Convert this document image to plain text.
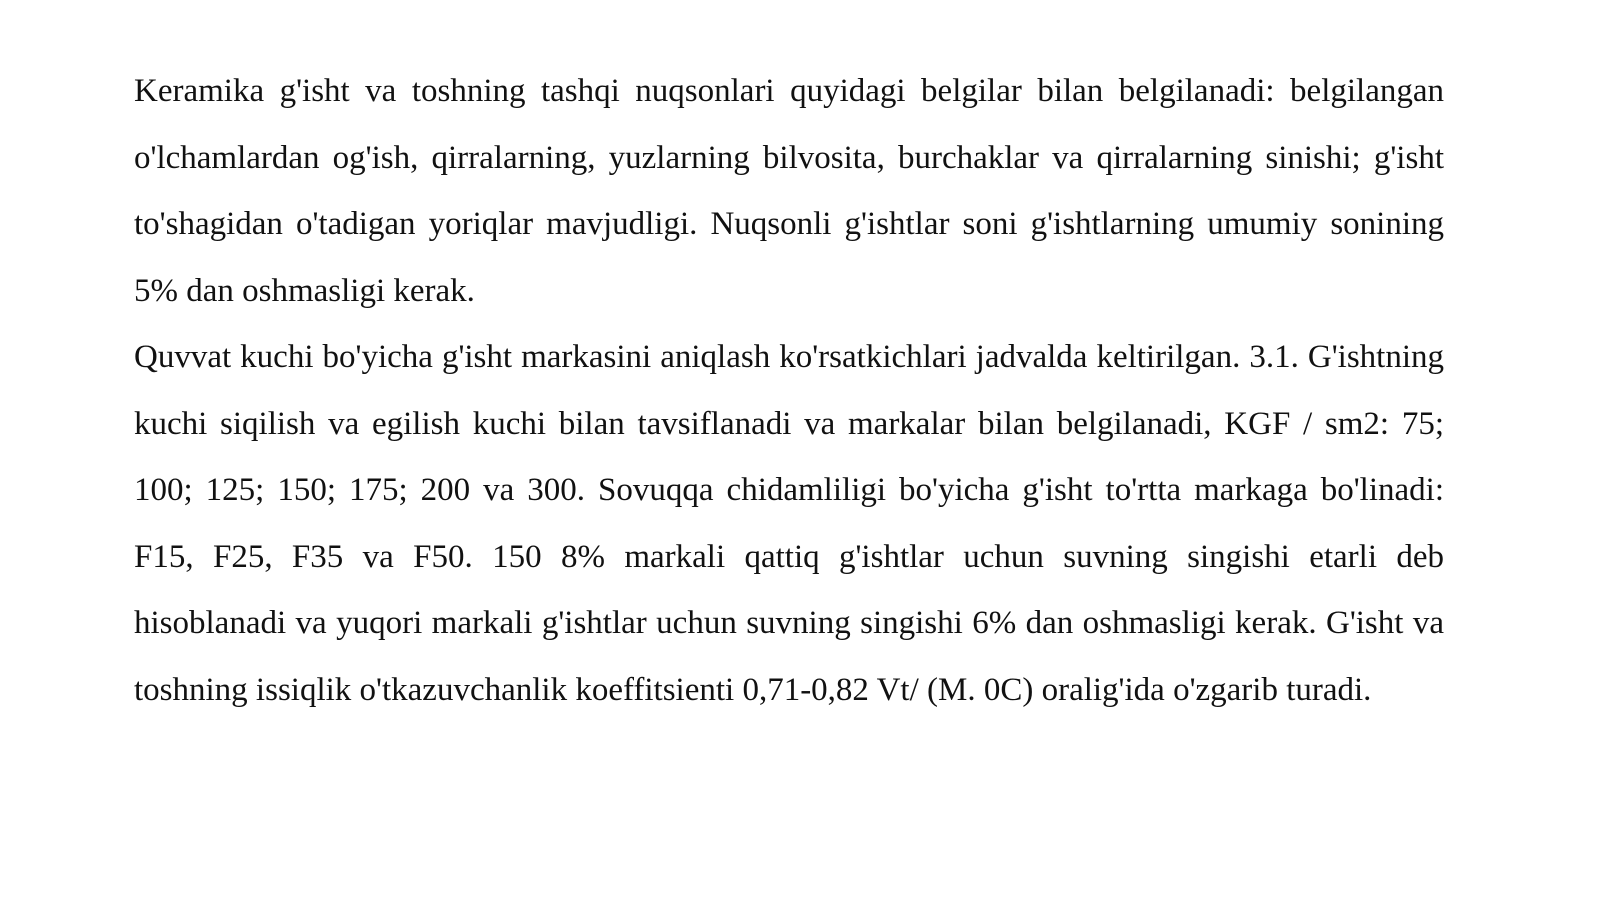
Keramika g'isht va toshning tashqi nuqsonlari quyidagi belgilar bilan belgilanadi: belgilangan o'lchamlardan og'ish, qirralarning, yuzlarning bilvosita, burchaklar va qirralarning sinishi; g'isht to'shagidan o'tadigan yoriqlar mavjudligi. Nuqsonli g'ishtlar soni g'ishtlarning umumiy sonining 5% dan oshmasligi kerak.

Quvvat kuchi bo'yicha g'isht markasini aniqlash ko'rsatkichlari jadvalda keltirilgan. 3.1. G'ishtning kuchi siqilish va egilish kuchi bilan tavsiflanadi va markalar bilan belgilanadi, KGF / sm2: 75; 100; 125; 150; 175; 200 va 300. Sovuqqa chidamliligi bo'yicha g'isht to'rtta markaga bo'linadi: F15, F25, F35 va F50. 150 8% markali qattiq g'ishtlar uchun suvning singishi etarli deb hisoblanadi va yuqori markali g'ishtlar uchun suvning singishi 6% dan oshmasligi kerak. G'isht va toshning issiqlik o'tkazuvchanlik koeffitsienti 0,71-0,82 Vt/ (M. 0C) oralig'ida o'zgarib turadi.
